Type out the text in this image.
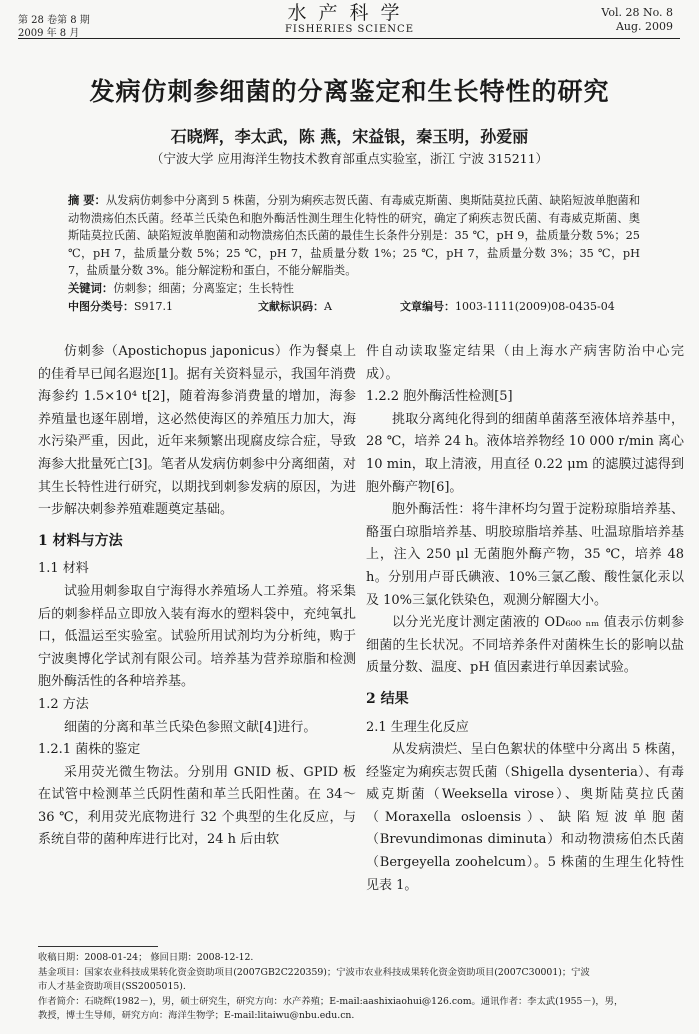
第 28 卷第 8 期
2009 年 8 月
水产科学
FISHERIES SCIENCE
Vol. 28 No. 8
Aug. 2009
发病仿刺参细菌的分离鉴定和生长特性的研究
石晓辉，李太武，陈 燕，宋益银，秦玉明，孙爱丽
（宁波大学 应用海洋生物技术教育部重点实验室，浙江 宁波 315211）
摘 要：从发病仿刺参中分离到 5 株菌，分别为痢疾志贺氏菌、有毒威克斯菌、奥斯陆莫拉氏菌、缺陷短波单胞菌和动物溃疡伯杰氏菌。经革兰氏染色和胞外酶活性测生理生化特性的研究，确定了痢疾志贺氏菌、有毒威克斯菌、奥斯陆莫拉氏菌、缺陷短波单胞菌和动物溃疡伯杰氏菌的最佳生长条件分别是：35 ℃，pH 9，盐质量分数 5%；25 ℃，pH 7，盐质量分数 5%；25 ℃，pH 7，盐质量分数 1%；25 ℃，pH 7，盐质量分数 3%；35 ℃，pH 7，盐质量分数 3%。能分解淀粉和蛋白，不能分解脂类。
关键词：仿刺参；细菌；分离鉴定；生长特性
中图分类号：S917.1	文献标识码：A	文章编号：1003-1111(2009)08-0435-04

仿刺参（Apostichopus japonicus）作为餐桌上的佳肴早已闻名遐迩[1]。据有关资料显示，我国年消费海参约 1.5×10⁴ t[2]，随着海参消费量的增加，海参养殖量也逐年剧增，这必然使海区的养殖压力加大，海水污染严重，因此，近年来频繁出现腐皮综合症，导致海参大批量死亡[3]。笔者从发病仿刺参中分离细菌，对其生长特性进行研究，以期找到刺参发病的原因，为进一步解决刺参养殖难题奠定基础。

1 材料与方法

1.1 材料

试验用刺参取自宁海得水养殖场人工养殖。将采集后的刺参样品立即放入装有海水的塑料袋中，充纯氧扎口，低温运至实验室。试验所用试剂均为分析纯，购于宁波奥博化学试剂有限公司。培养基为营养琼脂和检测胞外酶活性的各种培养基。

1.2 方法

细菌的分离和革兰氏染色参照文献[4]进行。

1.2.1 菌株的鉴定

采用荧光微生物法。分别用 GNID 板、GPID 板在试管中检测革兰氏阴性菌和革兰氏阳性菌。在 34～36 ℃，利用荧光底物进行 32 个典型的生化反应，与系统自带的菌种库进行比对，24 h 后由软

件自动读取鉴定结果（由上海水产病害防治中心完成）。

1.2.2 胞外酶活性检测[5]

挑取分离纯化得到的细菌单菌落至液体培养基中，28 ℃，培养 24 h。液体培养物经 10 000 r/min 离心 10 min，取上清液，用直径 0.22 μm 的滤膜过滤得到胞外酶产物[6]。

胞外酶活性：将牛津杯均匀置于淀粉琼脂培养基、酪蛋白琼脂培养基、明胶琼脂培养基、吐温琼脂培养基上，注入 250 μl 无菌胞外酶产物，35 ℃，培养 48 h。分别用卢哥氏碘液、10%三氯乙酸、酸性氯化汞以及 10%三氯化铁染色，观测分解圈大小。

以分光光度计测定菌液的 OD₆₀₀ ₙₘ 值表示仿刺参细菌的生长状况。不同培养条件对菌株生长的影响以盐质量分数、温度、pH 值因素进行单因素试验。

2 结果

2.1 生理生化反应

从发病溃烂、呈白色絮状的体壁中分离出 5 株菌，经鉴定为痢疾志贺氏菌（Shigella dysenteria）、有毒威克斯菌（Weeksella virose）、奥斯陆莫拉氏菌（Moraxella osloensis）、缺陷短波单胞菌（Brevundimonas diminuta）和动物溃疡伯杰氏菌（Bergeyella zoohelcum）。5 株菌的生理生化特性见表 1。

收稿日期：2008-01-24； 修回日期：2008-12-12.
基金项目：国家农业科技成果转化资金资助项目(2007GB2C220359)；宁波市农业科技成果转化资金资助项目(2007C30001)；宁波
市人才基金资助项目(SS2005015).
作者简介：石晓辉(1982－)，男，硕士研究生，研究方向：水产养殖；E-mail:aashixiaohui@126.com。通讯作者：李太武(1955－)，男，
教授，博士生导师，研究方向：海洋生物学；E-mail:litaiwu@nbu.edu.cn.
